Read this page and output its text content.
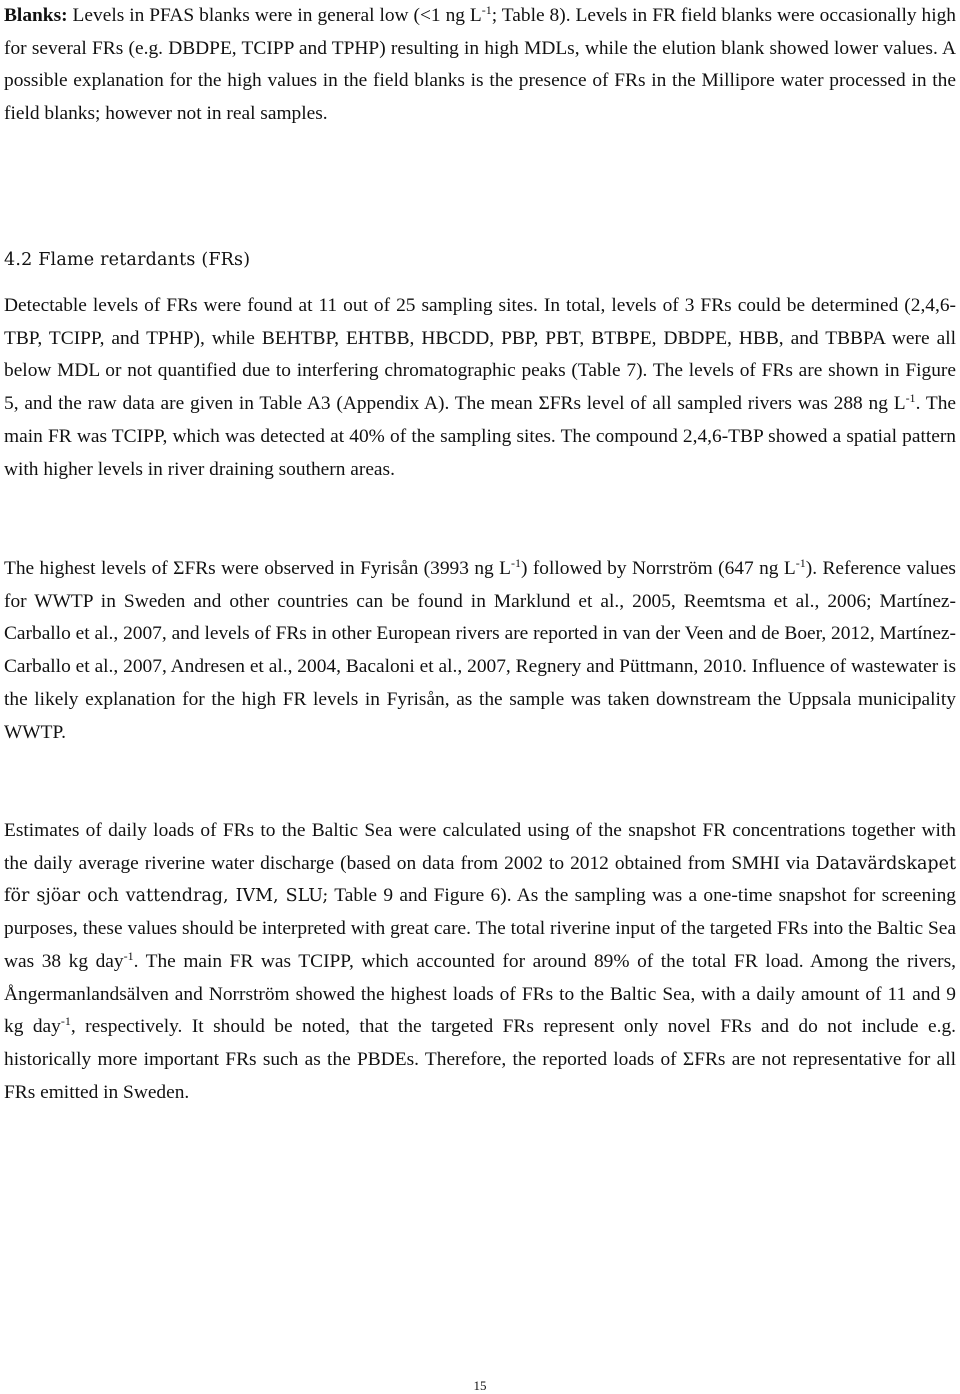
Blanks: Levels in PFAS blanks were in general low (<1 ng $L^{-1}$; Table 8). Levels in FR field blanks were occasionally high for several FRs (e.g. DBDPE, TCIPP and TPHP) resulting in high MDLs, while the elution blank showed lower values. A possible explanation for the high values in the field blanks is the presence of FRs in the Millipore water processed in the field blanks; however not in real samples.

4.2 Flame retardants (FRs)

Detectable levels of FRs were found at 11 out of 25 sampling sites. In total, levels of 3 FRs could be determined (2,4,6-TBP, TCIPP, and TPHP), while BEHTBP, EHTBB, HBCDD, PBP, PBT, BTBPE, DBDPE, HBB, and TBBPA were all below MDL or not quantified due to interfering chromatographic peaks (Table 7). The levels of FRs are shown in Figure 5, and the raw data are given in Table A3 (Appendix A). The mean ΣFRs level of all sampled rivers was 288 ng $L^{-1}$. The main FR was TCIPP, which was detected at 40% of the sampling sites. The compound 2,4,6-TBP showed a spatial pattern with higher levels in river draining southern areas.

The highest levels of ΣFRs were observed in Fyrisån (3993 ng $L^{-1}$) followed by Norrström (647 ng $L^{-1}$). Reference values for WWTP in Sweden and other countries can be found in Marklund et al., 2005, Reemtsma et al., 2006; Martínez-Carballo et al., 2007, and levels of FRs in other European rivers are reported in van der Veen and de Boer, 2012, Martínez-Carballo et al., 2007, Andresen et al., 2004, Bacaloni et al., 2007, Regnery and Püttmann, 2010. Influence of wastewater is the likely explanation for the high FR levels in Fyrisån, as the sample was taken downstream the Uppsala municipality WWTP.

Estimates of daily loads of FRs to the Baltic Sea were calculated using of the snapshot FR concentrations together with the daily average riverine water discharge (based on data from 2002 to 2012 obtained from SMHI via Datavärdskapet för sjöar och vattendrag, IVM, SLU; Table 9 and Figure 6). As the sampling was a one-time snapshot for screening purposes, these values should be interpreted with great care. The total riverine input of the targeted FRs into the Baltic Sea was 38 kg day$^{-1}$. The main FR was TCIPP, which accounted for around 89% of the total FR load. Among the rivers, Ångermanlandsälven and Norrström showed the highest loads of FRs to the Baltic Sea, with a daily amount of 11 and 9 kg day$^{-1}$, respectively. It should be noted, that the targeted FRs represent only novel FRs and do not include e.g. historically more important FRs such as the PBDEs. Therefore, the reported loads of ΣFRs are not representative for all FRs emitted in Sweden.

15
